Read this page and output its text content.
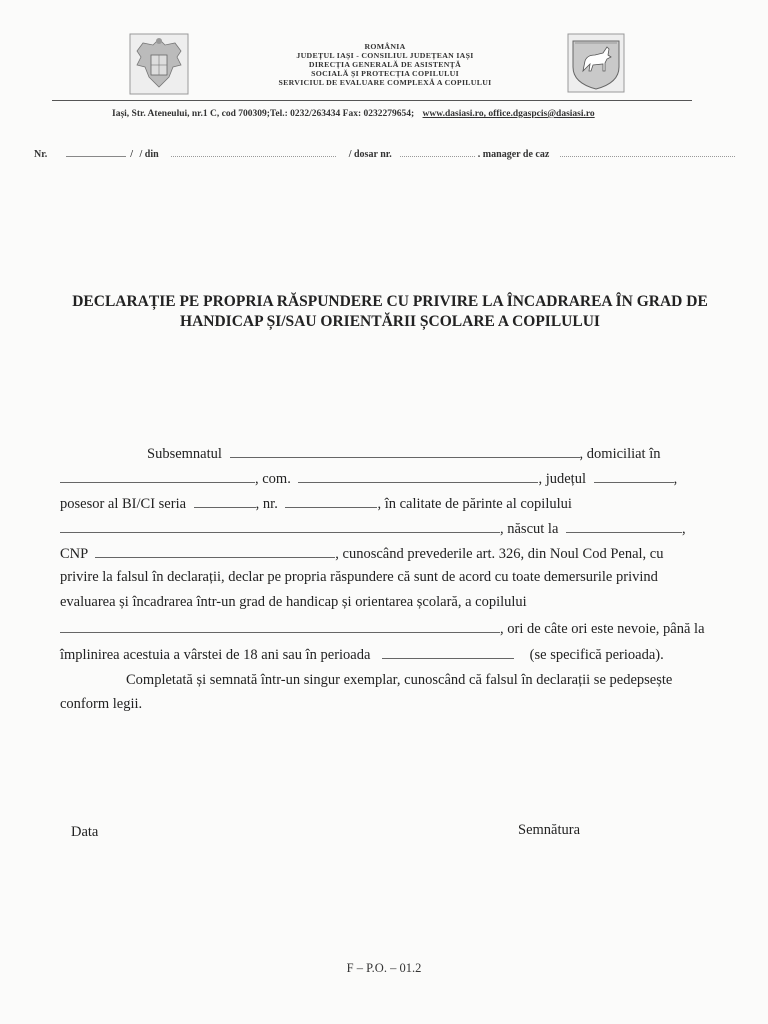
ROMÂNIA
JUDEȚUL IAȘI - CONSILIUL JUDEȚEAN IAȘI
DIRECȚIA GENERALĂ DE ASISTENȚĂ
SOCIALĂ ȘI PROTECȚIA COPILULUI
SERVICIUL DE EVALUARE COMPLEXĂ A COPILULUI
Iași, Str. Ateneului, nr.1 C, cod 700309;Tel.: 0232/263434 Fax: 0232279654; www.dasiasi.ro, office.dgaspcis@dasiasi.ro
Nr.	/ / din	/ dosar nr.	. manager de caz
DECLARAȚIE PE PROPRIA RĂSPUNDERE CU PRIVIRE LA ÎNCADRAREA ÎN GRAD DE
HANDICAP ȘI/SAU ORIENTĂRII ȘCOLARE A COPILULUI
Subsemnatul	, domiciliat în
, com.	, județul	,
posesor al BI/CI seria	, nr.	, în calitate de părinte al copilului
, născut la	,
CNP	, cunoscând prevederile art. 326, din Noul Cod Penal, cu
privire la falsul în declarații, declar pe propria răspundere că sunt de acord cu toate demersurile privind
evaluarea și încadrarea într-un grad de handicap și orientarea școlară, a copilului
, ori de câte ori este nevoie, până la
împlinirea acestuia a vârstei de 18 ani sau în perioada	(se specifică perioada).
Completată și semnată într-un singur exemplar, cunoscând că falsul în declarații se pedepsește
conform legii.
Data	Semnătura
F – P.O. – 01.2
